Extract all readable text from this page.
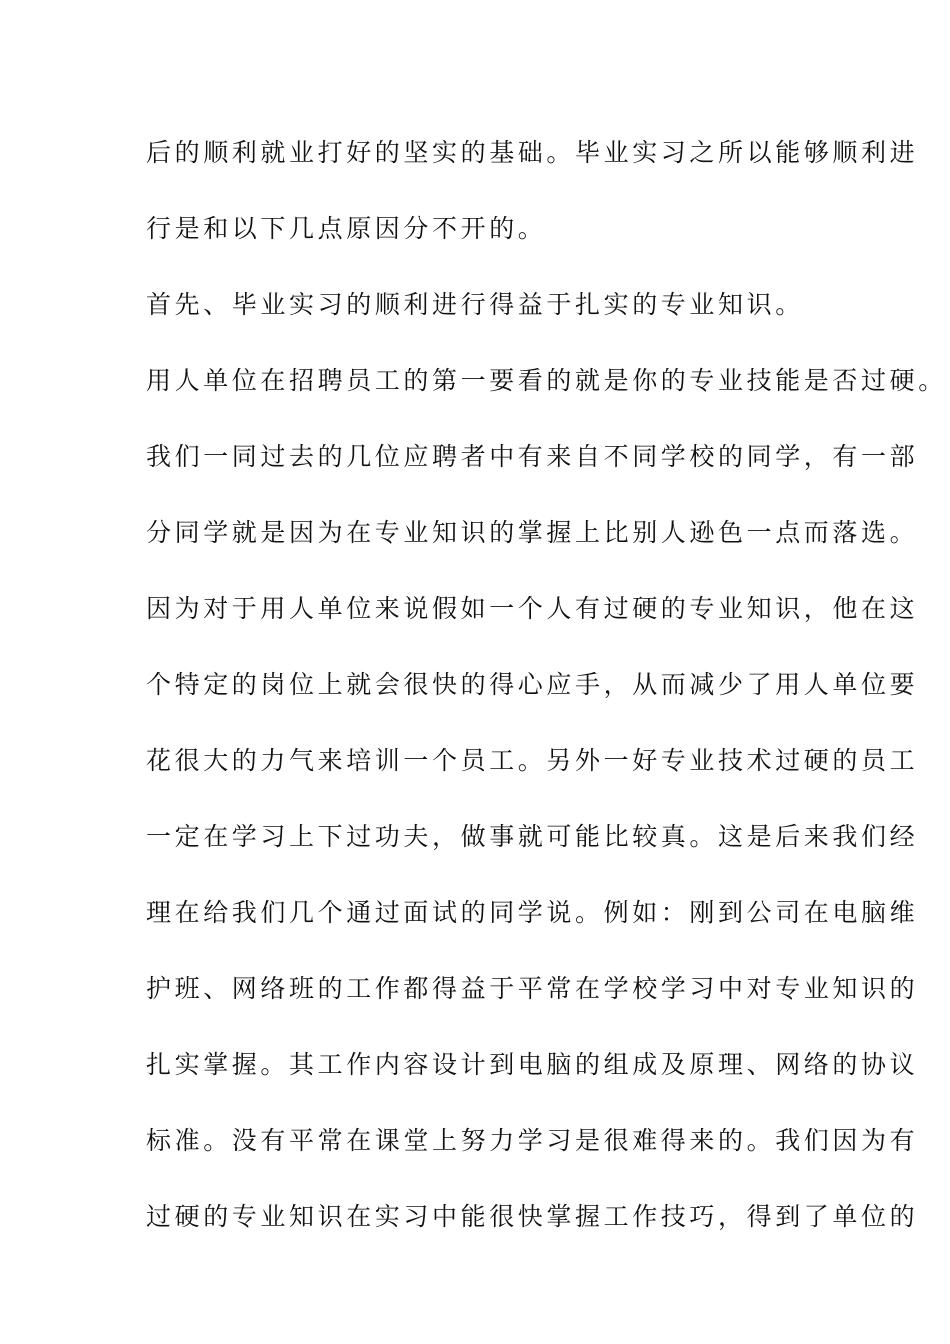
后的顺利就业打好的坚实的基础。毕业实习之所以能够顺利进
行是和以下几点原因分不开的。
首先、毕业实习的顺利进行得益于扎实的专业知识。
用人单位在招聘员工的第一要看的就是你的专业技能是否过硬。
我们一同过去的几位应聘者中有来自不同学校的同学，有一部
分同学就是因为在专业知识的掌握上比别人逊色一点而落选。
因为对于用人单位来说假如一个人有过硬的专业知识，他在这
个特定的岗位上就会很快的得心应手，从而减少了用人单位要
花很大的力气来培训一个员工。另外一好专业技术过硬的员工
一定在学习上下过功夫，做事就可能比较真。这是后来我们经
理在给我们几个通过面试的同学说。例如：刚到公司在电脑维
护班、网络班的工作都得益于平常在学校学习中对专业知识的
扎实掌握。其工作内容设计到电脑的组成及原理、网络的协议
标准。没有平常在课堂上努力学习是很难得来的。我们因为有
过硬的专业知识在实习中能很快掌握工作技巧，得到了单位的
